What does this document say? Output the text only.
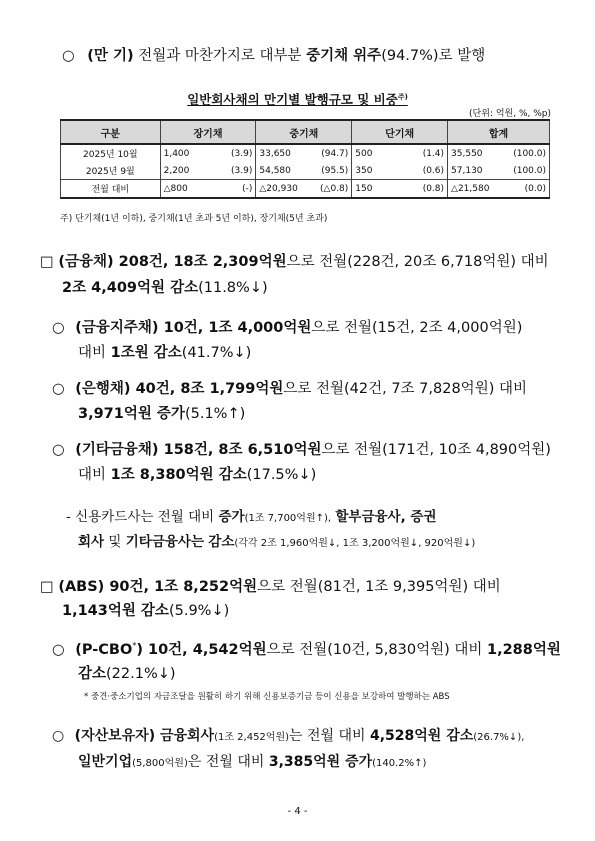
○ (만 기) 전월과 마찬가지로 대부분 중기채 위주(94.7%)로 발행
일반회사채의 만기별 발행규모 및 비중$^{주)}$
(단위: 억원, %, %p)
구분	장기채		중기채		단기채		합계	
2025년 10월	1,400	(3.9)	33,650	(94.7)	500	(1.4)	35,550	(100.0)
2025년 9월	2,200	(3.9)	54,580	(95.5)	350	(0.6)	57,130	(100.0)
전월 대비	△800	(-)	△20,930	(△0.8)	150	(0.8)	△21,580	(0.0)
주) 단기채(1년 이하), 중기채(1년 초과 5년 이하), 장기채(5년 초과)
□ (금융채) 208건, 18조 2,309억원으로 전월(228건, 20조 6,718억원) 대비
2조 4,409억원 감소(11.8%↓)
○ (금융지주채) 10건, 1조 4,000억원으로 전월(15건, 2조 4,000억원)
대비 1조원 감소(41.7%↓)
○ (은행채) 40건, 8조 1,799억원으로 전월(42건, 7조 7,828억원) 대비
3,971억원 증가(5.1%↑)
○ (기타금융채) 158건, 8조 6,510억원으로 전월(171건, 10조 4,890억원)
대비 1조 8,380억원 감소(17.5%↓)
- 신용카드사는 전월 대비 증가(1조 7,700억원↑), 할부금융사, 증권
회사 및 기타금융사는 감소(각각 2조 1,960억원↓, 1조 3,200억원↓, 920억원↓)
□ (ABS) 90건, 1조 8,252억원으로 전월(81건, 1조 9,395억원) 대비
1,143억원 감소(5.9%↓)
○ (P-CBO*) 10건, 4,542억원으로 전월(10건, 5,830억원) 대비 1,288억원
감소(22.1%↓)
* 중견·중소기업의 자금조달을 원활히 하기 위해 신용보증기금 등이 신용을 보강하여 발행하는 ABS
○ (자산보유자) 금융회사(1조 2,452억원)는 전월 대비 4,528억원 감소(26.7%↓),
일반기업(5,800억원)은 전월 대비 3,385억원 증가(140.2%↑)
- 4 -
